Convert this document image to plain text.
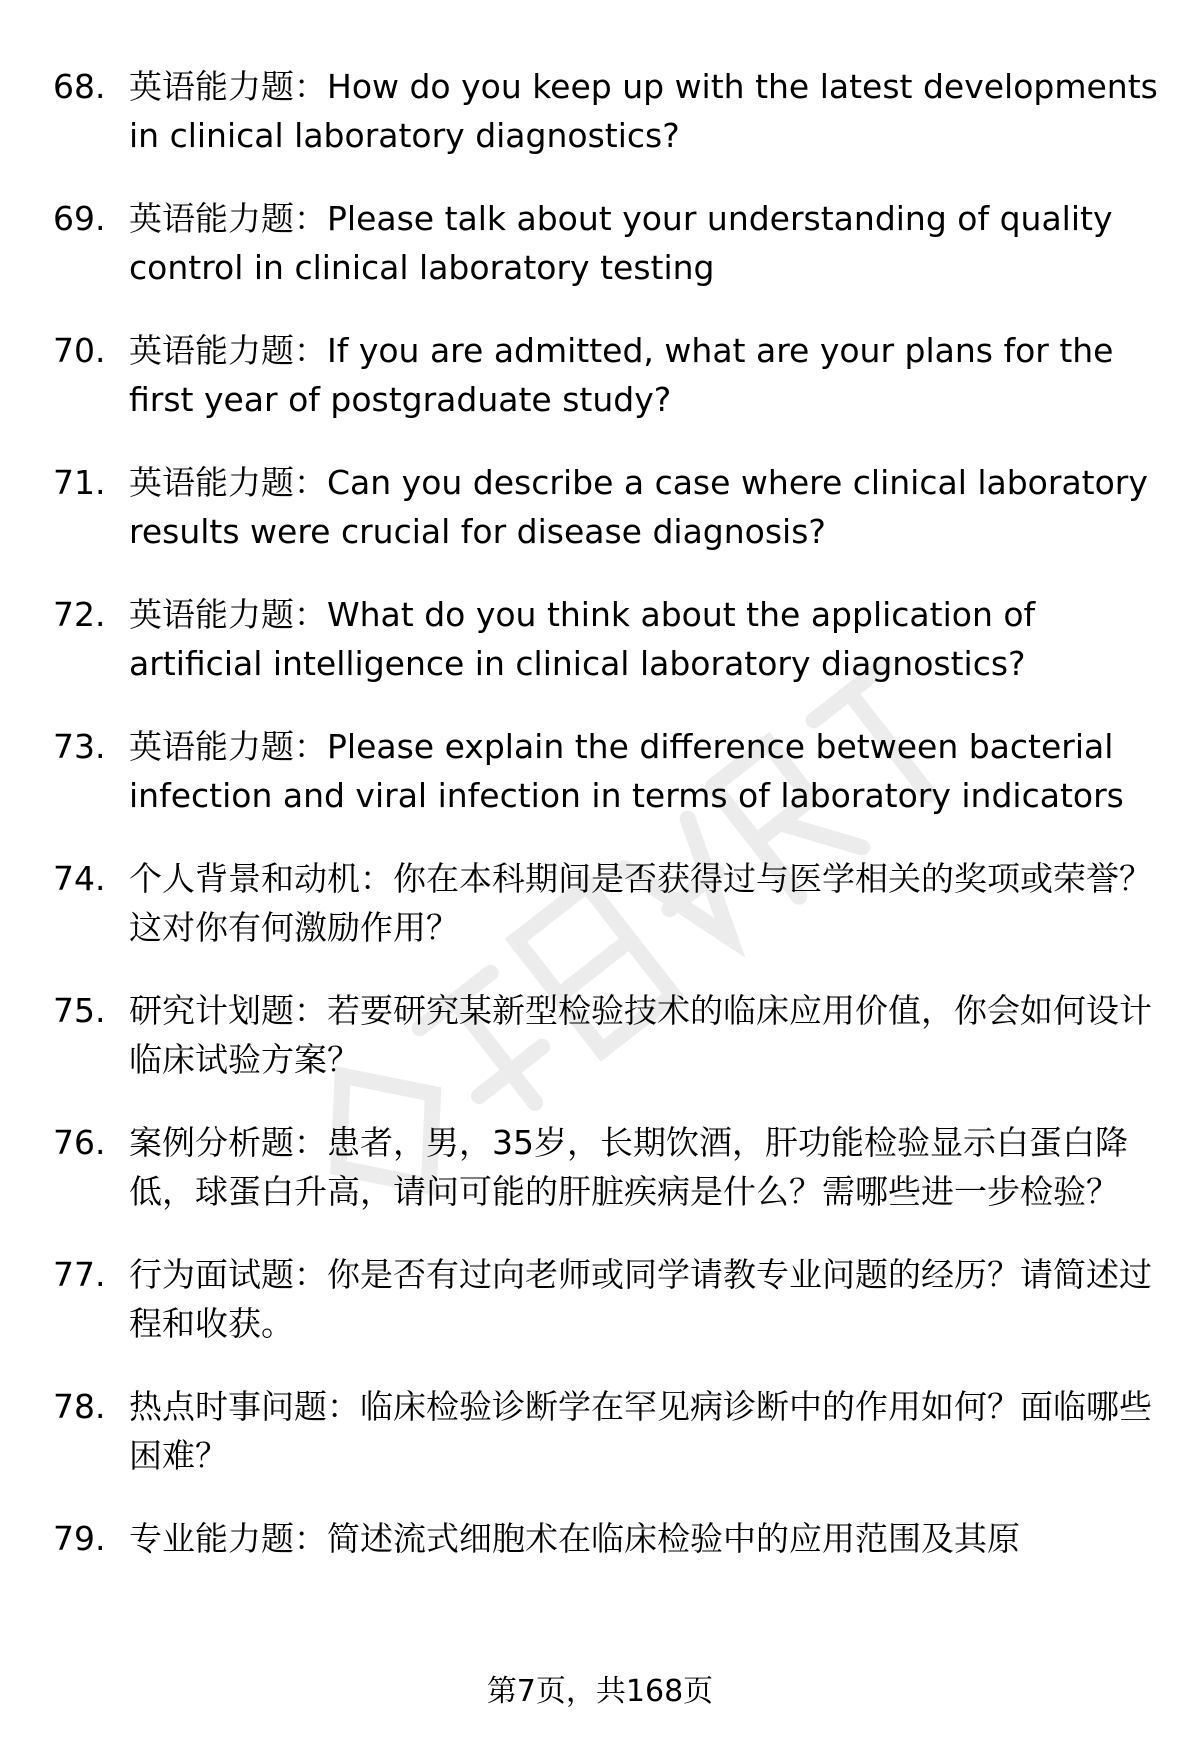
68. 英语能力题：How do you keep up with the latest developments in clinical laboratory diagnostics?
69. 英语能力题：Please talk about your understanding of quality control in clinical laboratory testing
70. 英语能力题：If you are admitted, what are your plans for the first year of postgraduate study?
71. 英语能力题：Can you describe a case where clinical laboratory results were crucial for disease diagnosis?
72. 英语能力题：What do you think about the application of artificial intelligence in clinical laboratory diagnostics?
73. 英语能力题：Please explain the difference between bacterial infection and viral infection in terms of laboratory indicators
74. 个人背景和动机：你在本科期间是否获得过与医学相关的奖项或荣誉？这对你有何激励作用？
75. 研究计划题：若要研究某新型检验技术的临床应用价值，你会如何设计临床试验方案？
76. 案例分析题：患者，男，35岁，长期饮酒，肝功能检验显示白蛋白降低，球蛋白升高，请问可能的肝脏疾病是什么？需哪些进一步检验？
77. 行为面试题：你是否有过向老师或同学请教专业问题的经历？请简述过程和收获。
78. 热点时事问题：临床检验诊断学在罕见病诊断中的作用如何？面临哪些困难？
79. 专业能力题：简述流式细胞术在临床检验中的应用范围及其原
第7页，共168页
